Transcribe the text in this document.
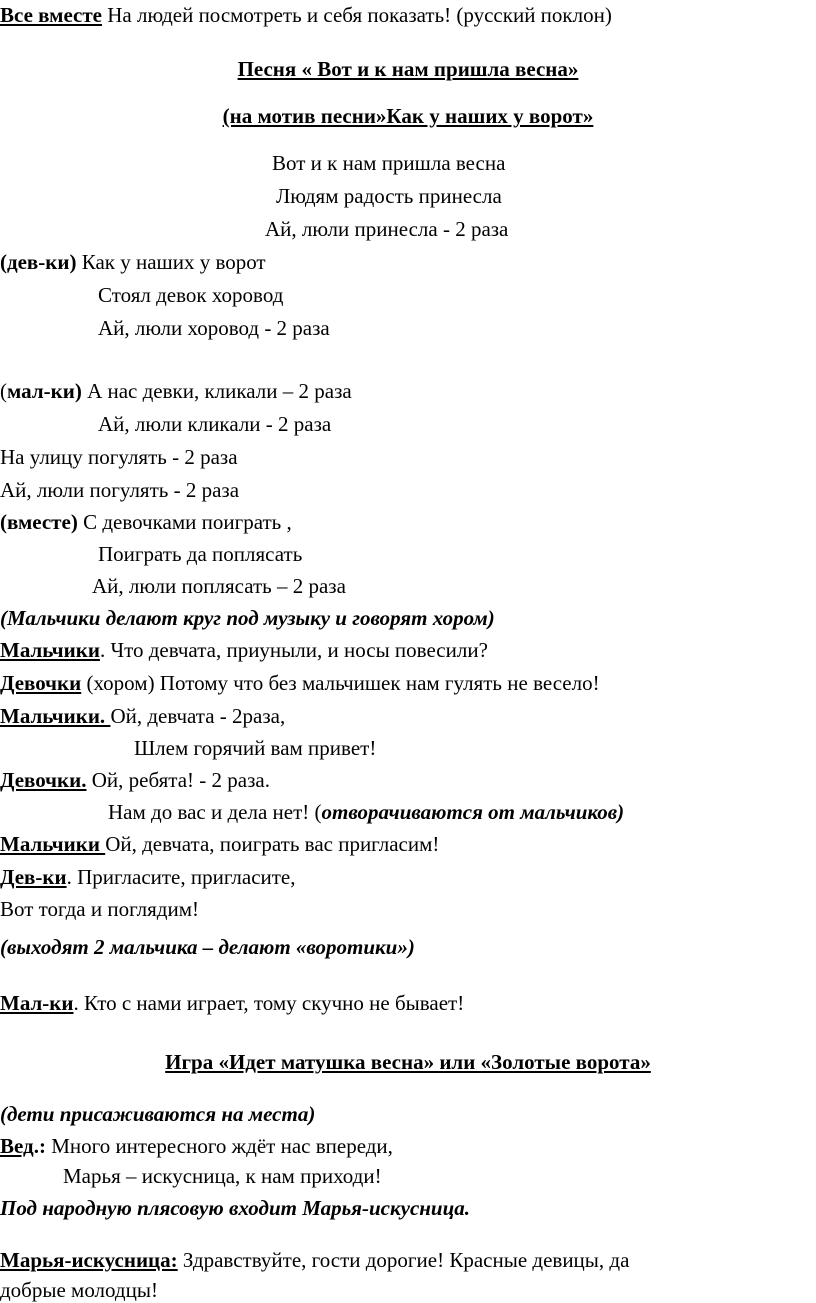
Все вместе На людей посмотреть и себя показать! (русский поклон)
Песня « Вот и к нам пришла весна»
(на мотив песни»Как у наших у ворот»
Вот и к нам пришла весна
Людям радость принесла
Ай, люли принесла - 2 раза
(дев-ки) Как у наших у ворот
Стоял девок хоровод
Ай, люли хоровод - 2 раза
(мал-ки) А нас девки, кликали – 2 раза
Ай, люли кликали - 2 раза
На улицу погулять - 2 раза
Ай, люли погулять - 2 раза
(вместе) С девочками поиграть ,
Поиграть да поплясать
Ай, люли поплясать – 2 раза
(Мальчики делают круг под музыку и говорят хором)
Мальчики. Что девчата, приуныли, и носы повесили?
Девочки (хором) Потому что без мальчишек нам гулять не весело!
Мальчики. Ой, девчата - 2раза,
Шлем горячий вам привет!
Девочки. Ой, ребята! - 2 раза.
Нам до вас и дела нет! (отворачиваются от мальчиков)
Мальчики Ой, девчата, поиграть вас пригласим!
Дев-ки. Пригласите, пригласите,
Вот тогда и поглядим!
(выходят 2 мальчика – делают «воротики»)
Мал-ки. Кто с нами играет, тому скучно не бывает!
Игра «Идет матушка весна» или «Золотые ворота»
(дети присаживаются на места)
Вед.: Много интересного ждёт нас впереди,
Марья – искусница, к нам приходи!
Под народную плясовую входит Марья-искусница.
Марья-искусница: Здравствуйте, гости дорогие! Красные девицы, да
добрые молодцы!
